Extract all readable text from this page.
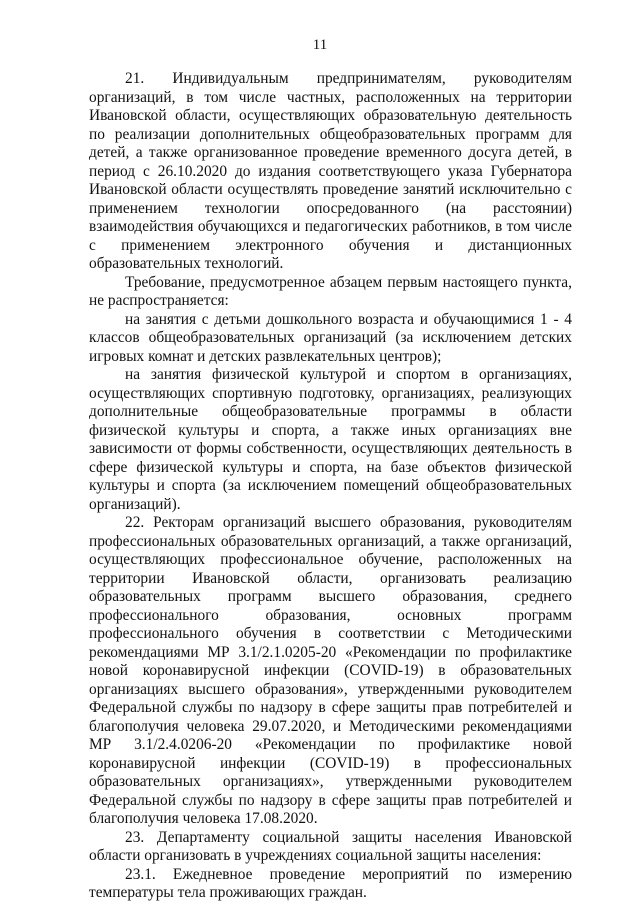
11

21. Индивидуальным предпринимателям, руководителям организаций, в том числе частных, расположенных на территории Ивановской области, осуществляющих образовательную деятельность по реализации дополнительных общеобразовательных программ для детей, а также организованное проведение временного досуга детей, в период с 26.10.2020 до издания соответствующего указа Губернатора Ивановской области осуществлять проведение занятий исключительно с применением технологии опосредованного (на расстоянии) взаимодействия обучающихся и педагогических работников, в том числе с применением электронного обучения и дистанционных образовательных технологий.

Требование, предусмотренное абзацем первым настоящего пункта, не распространяется:

на занятия с детьми дошкольного возраста и обучающимися 1 - 4 классов общеобразовательных организаций (за исключением детских игровых комнат и детских развлекательных центров);

на занятия физической культурой и спортом в организациях, осуществляющих спортивную подготовку, организациях, реализующих дополнительные общеобразовательные программы в области физической культуры и спорта, а также иных организациях вне зависимости от формы собственности, осуществляющих деятельность в сфере физической культуры и спорта, на базе объектов физической культуры и спорта (за исключением помещений общеобразовательных организаций).

22. Ректорам организаций высшего образования, руководителям профессиональных образовательных организаций, а также организаций, осуществляющих профессиональное обучение, расположенных на территории Ивановской области, организовать реализацию образовательных программ высшего образования, среднего профессионального образования, основных программ профессионального обучения в соответствии с Методическими рекомендациями МР 3.1/2.1.0205-20 «Рекомендации по профилактике новой коронавирусной инфекции (COVID-19) в образовательных организациях высшего образования», утвержденными руководителем Федеральной службы по надзору в сфере защиты прав потребителей и благополучия человека 29.07.2020, и Методическими рекомендациями МР 3.1/2.4.0206-20 «Рекомендации по профилактике новой коронавирусной инфекции (COVID-19) в профессиональных образовательных организациях», утвержденными руководителем Федеральной службы по надзору в сфере защиты прав потребителей и благополучия человека 17.08.2020.

23. Департаменту социальной защиты населения Ивановской области организовать в учреждениях социальной защиты населения:

23.1. Ежедневное проведение мероприятий по измерению температуры тела проживающих граждан.
